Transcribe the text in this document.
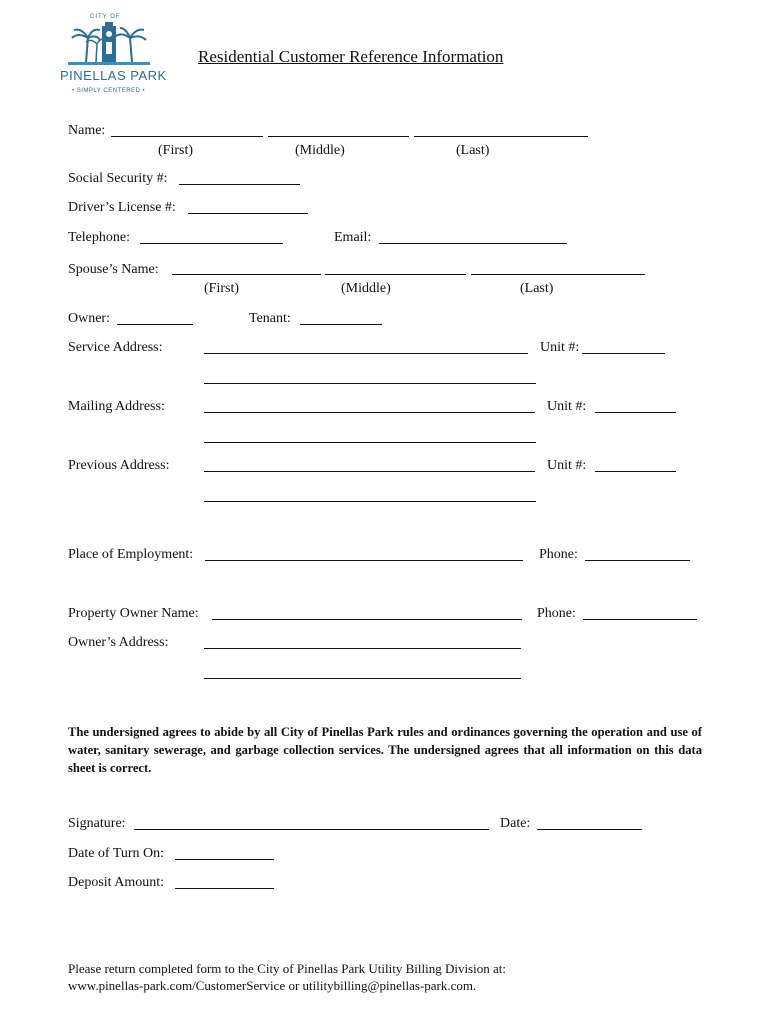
CITY OF
PINELLAS PARK
• SIMPLY CENTERED •
Residential Customer Reference Information
Name:
(First)	(Middle)	(Last)
Social Security #:
Driver’s License #:
Telephone:	Email:
Spouse’s Name:
(First)	(Middle)	(Last)
Owner:	Tenant:
Service Address:	Unit #:
Mailing Address:	Unit #:
Previous Address:	Unit #:
Place of Employment:	Phone:
Property Owner Name:	Phone:
Owner’s Address:
The undersigned agrees to abide by all City of Pinellas Park rules and ordinances governing the operation and use of water, sanitary sewerage, and garbage collection services. The undersigned agrees that all information on this data sheet is correct.
Signature:	Date:
Date of Turn On:
Deposit Amount:
Please return completed form to the City of Pinellas Park Utility Billing Division at:
www.pinellas-park.com/CustomerService or utilitybilling@pinellas-park.com.
